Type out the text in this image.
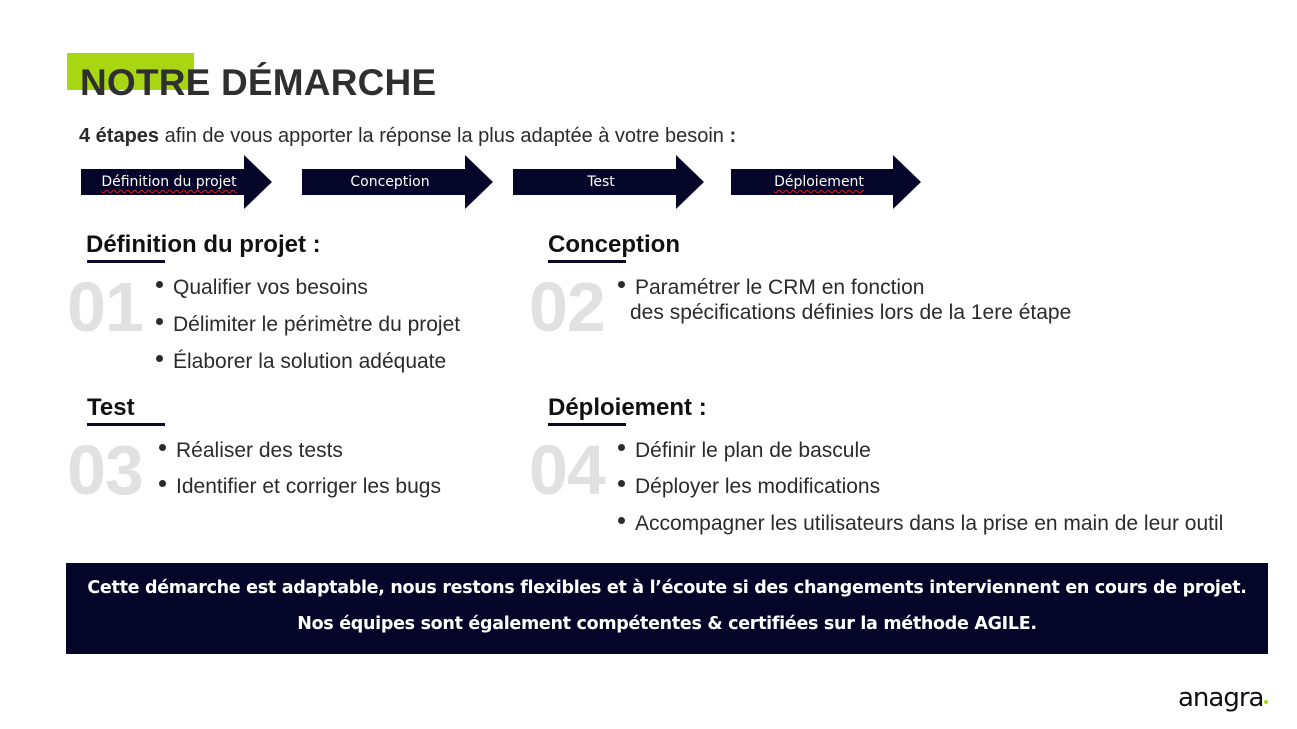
NOTRE DÉMARCHE
4 étapes afin de vous apporter la réponse la plus adaptée à votre besoin :
Définition du projet	Conception	Test	Déploiement
Définition du projet :
01	Qualifier vos besoins
Délimiter le périmètre du projet
Élaborer la solution adéquate
Conception
02	Paramétrer le CRM en fonction
des spécifications définies lors de la 1ere étape
Test
03	Réaliser des tests
Identifier et corriger les bugs
Déploiement :
04	Définir le plan de bascule
Déployer les modifications
Accompagner les utilisateurs dans la prise en main de leur outil
Cette démarche est adaptable, nous restons flexibles et à l’écoute si des changements interviennent en cours de projet.
Nos équipes sont également compétentes & certifiées sur la méthode AGILE.
anagra
